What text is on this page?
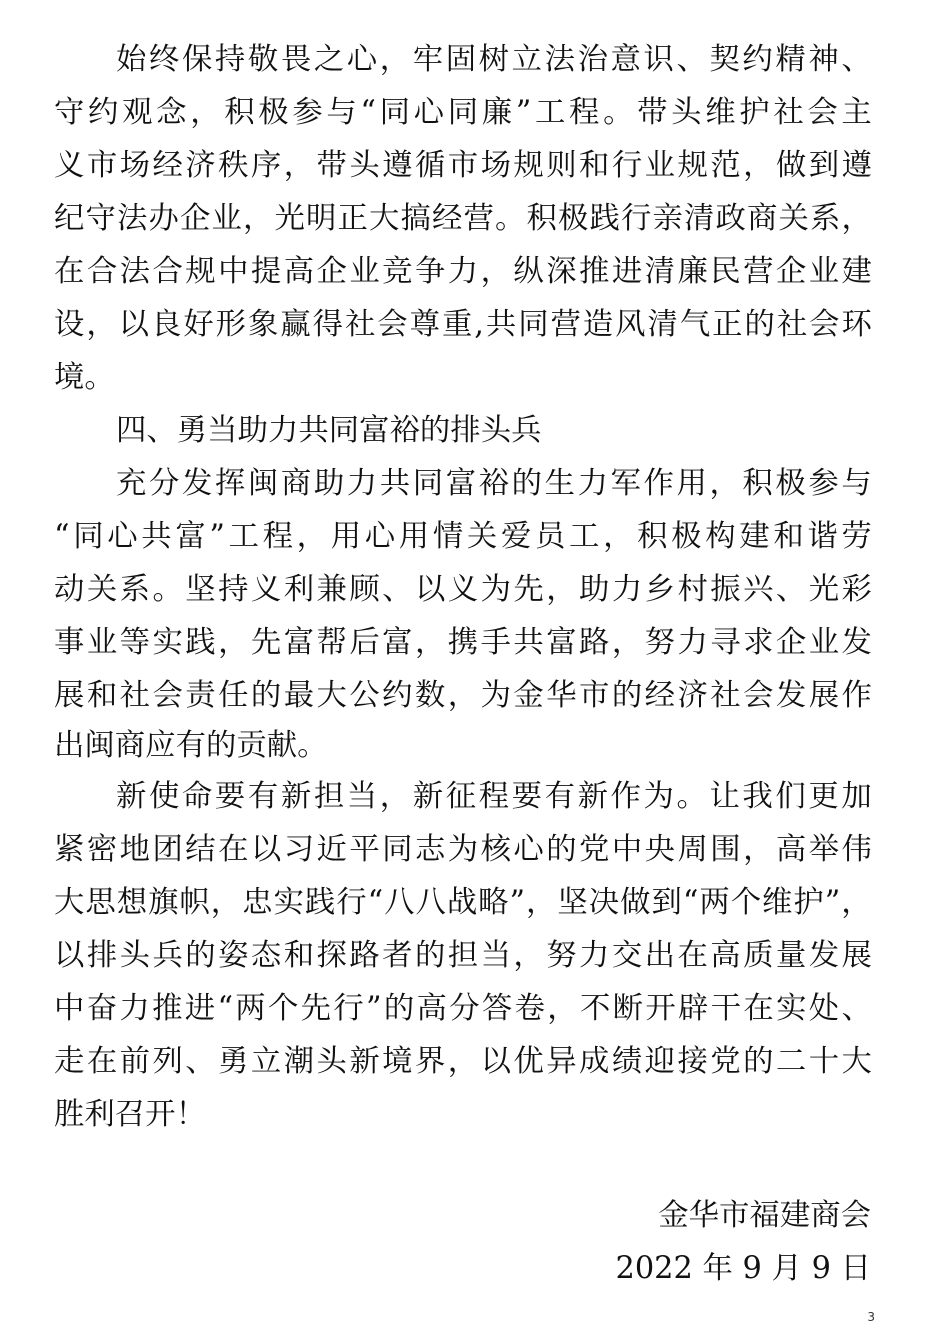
始 终 保 持 敬 畏 之 心 ， 牢 固 树 立 法 治 意 识 、 契 约 精 神 、
守 约 观 念 ， 积 极 参 与 “ 同 心 同 廉 ” 工 程 。 带 头 维 护 社 会 主
义 市 场 经 济 秩 序 ， 带 头 遵 循 市 场 规 则 和 行 业 规 范 ， 做 到 遵
纪 守 法 办 企 业 ， 光 明 正 大 搞 经 营 。 积 极 践 行 亲 清 政 商 关 系 ，
在 合 法 合 规 中 提 高 企 业 竞 争 力 ， 纵 深 推 进 清 廉 民 营 企 业 建
设 ， 以 良 好 形 象 赢 得 社 会 尊 重 , 共 同 营 造 风 清 气 正 的 社 会 环
境。
四、勇当助力共同富裕的排头兵
充 分 发 挥 闽 商 助 力 共 同 富 裕 的 生 力 军 作 用 ， 积 极 参 与
“ 同 心 共 富 ” 工 程 ， 用 心 用 情 关 爱 员 工 ， 积 极 构 建 和 谐 劳
动 关 系 。 坚 持 义 利 兼 顾 、 以 义 为 先 ， 助 力 乡 村 振 兴 、 光 彩
事 业 等 实 践 ， 先 富 帮 后 富 ， 携 手 共 富 路 ， 努 力 寻 求 企 业 发
展 和 社 会 责 任 的 最 大 公 约 数 ， 为 金 华 市 的 经 济 社 会 发 展 作
出闽商应有的贡献。
新 使 命 要 有 新 担 当 ， 新 征 程 要 有 新 作 为 。 让 我 们 更 加
紧 密 地 团 结 在 以 习 近 平 同 志 为 核 心 的 党 中 央 周 围 ， 高 举 伟
大 思 想 旗 帜 ， 忠 实 践 行 “ 八 八 战 略 ” ， 坚 决 做 到 “ 两 个 维 护 ” ，
以 排 头 兵 的 姿 态 和 探 路 者 的 担 当 ， 努 力 交 出 在 高 质 量 发 展
中 奋 力 推 进 “ 两 个 先 行 ” 的 高 分 答 卷 ， 不 断 开 辟 干 在 实 处 、
走 在 前 列 、 勇 立 潮 头 新 境 界 ， 以 优 异 成 绩 迎 接 党 的 二 十 大
胜利召开！
金华市福建商会
2022 年 9 月 9 日
3
